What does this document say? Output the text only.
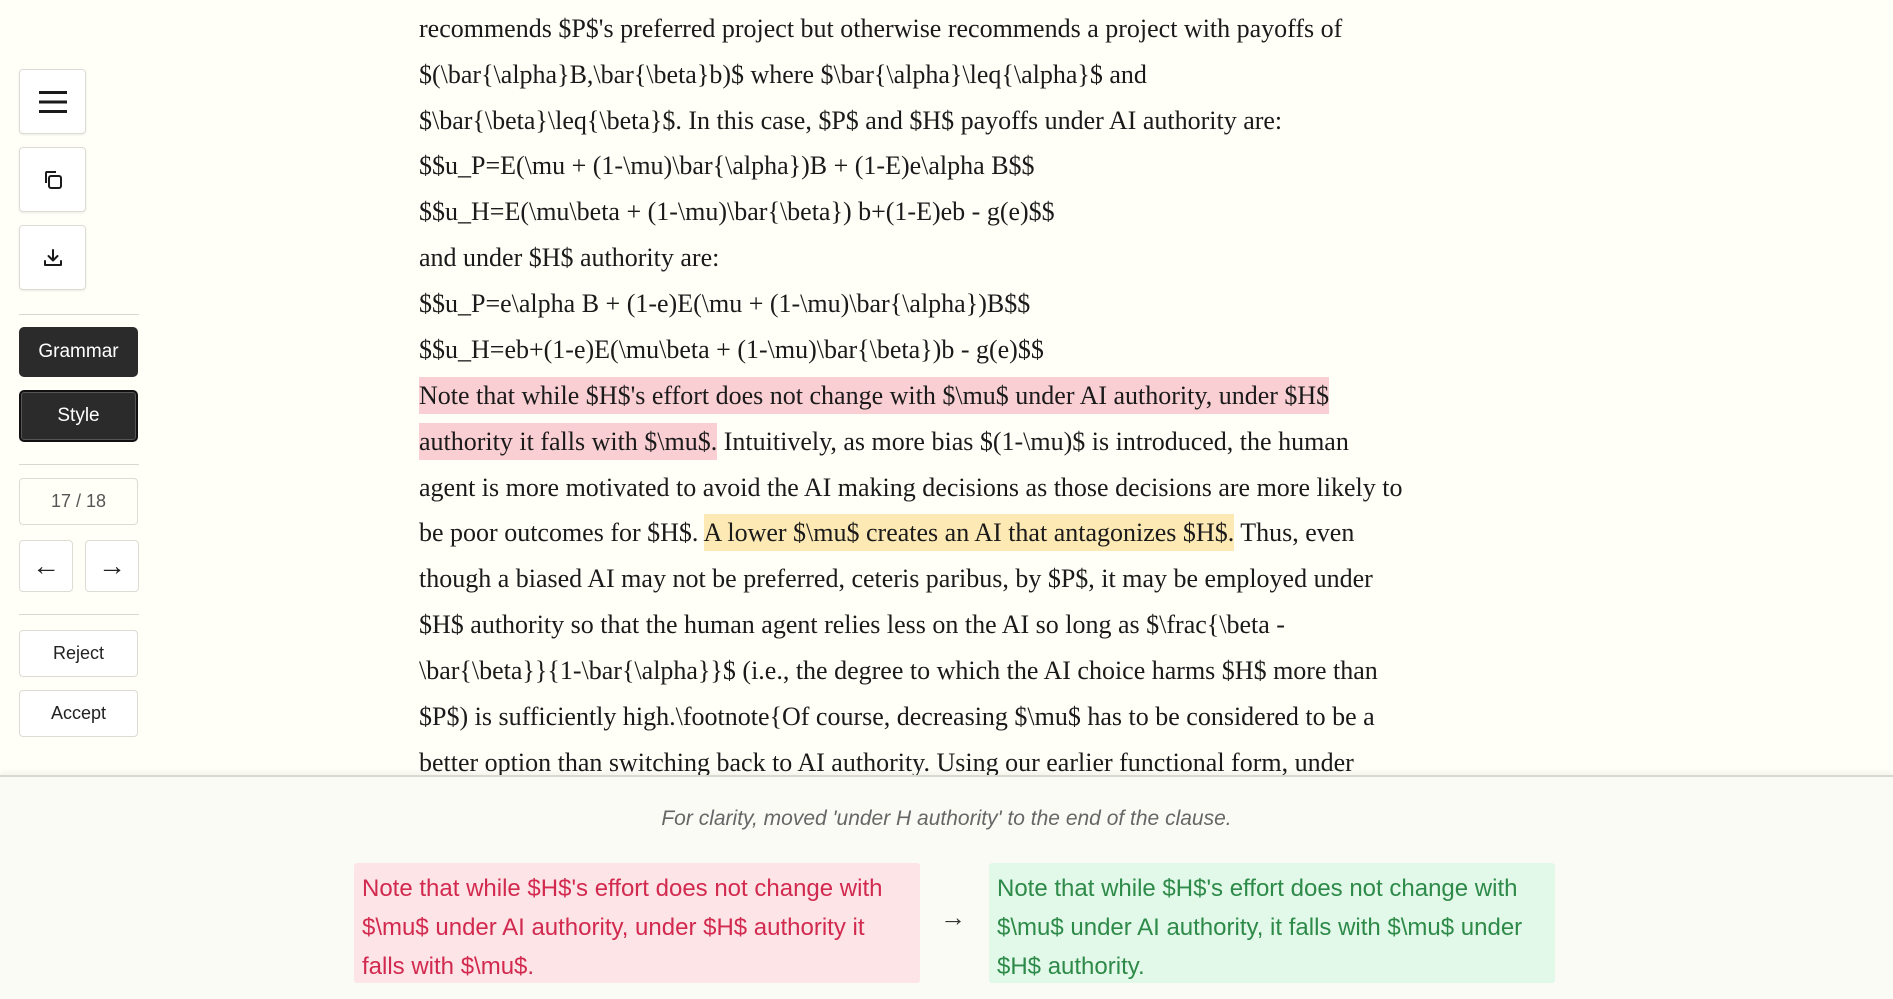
Grammar
Style
17 / 18
← →
Reject
Accept
recommends $P$'s preferred project but otherwise recommends a project with payoffs of
$(\bar{\alpha}B,\bar{\beta}b)$ where $\bar{\alpha}\leq{\alpha}$ and
$\bar{\beta}\leq{\beta}$. In this case, $P$ and $H$ payoffs under AI authority are:
$$u_P=E(\mu + (1-\mu)\bar{\alpha})B + (1-E)e\alpha B$$
$$u_H=E(\mu\beta + (1-\mu)\bar{\beta}) b+(1-E)eb - g(e)$$
and under $H$ authority are:
$$u_P=e\alpha B + (1-e)E(\mu + (1-\mu)\bar{\alpha})B$$
$$u_H=eb+(1-e)E(\mu\beta + (1-\mu)\bar{\beta})b - g(e)$$
Note that while $H$'s effort does not change with $\mu$ under AI authority, under $H$
authority it falls with $\mu$. Intuitively, as more bias $(1-\mu)$ is introduced, the human
agent is more motivated to avoid the AI making decisions as those decisions are more likely to
be poor outcomes for $H$. A lower $\mu$ creates an AI that antagonizes $H$. Thus, even
though a biased AI may not be preferred, ceteris paribus, by $P$, it may be employed under
$H$ authority so that the human agent relies less on the AI so long as $\frac{\beta -
\bar{\beta}}{1-\bar{\alpha}}$ (i.e., the degree to which the AI choice harms $H$ more than
$P$) is sufficiently high.\footnote{Of course, decreasing $\mu$ has to be considered to be a
better option than switching back to AI authority. Using our earlier functional form, under
For clarity, moved 'under H authority' to the end of the clause.
Note that while $H$'s effort does not change with $\mu$ under AI authority, under $H$ authority it falls with $\mu$.
→
Note that while $H$'s effort does not change with $\mu$ under AI authority, it falls with $\mu$ under $H$ authority.
